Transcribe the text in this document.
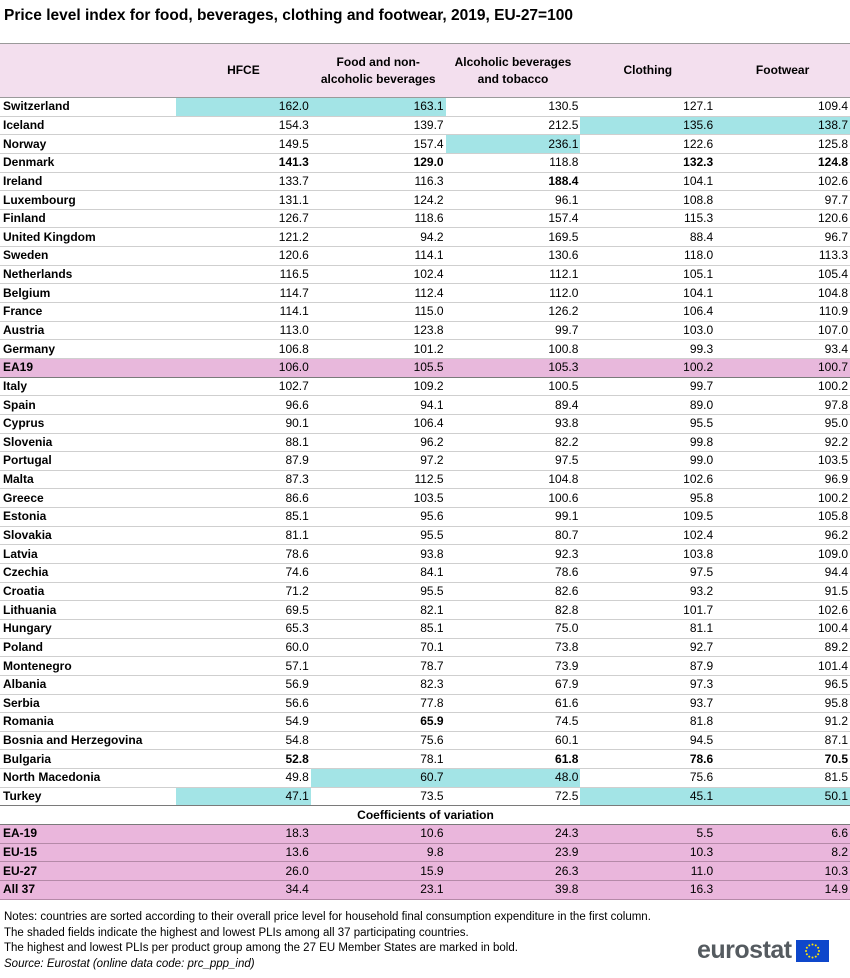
Price level index for food, beverages, clothing and footwear, 2019, EU-27=100
	HFCE	Food and non-alcoholic beverages	Alcoholic beverages and tobacco	Clothing	Footwear
Switzerland	162.0	163.1	130.5	127.1	109.4
Iceland	154.3	139.7	212.5	135.6	138.7
Norway	149.5	157.4	236.1	122.6	125.8
Denmark	141.3	129.0	118.8	132.3	124.8
Ireland	133.7	116.3	188.4	104.1	102.6
Luxembourg	131.1	124.2	96.1	108.8	97.7
Finland	126.7	118.6	157.4	115.3	120.6
United Kingdom	121.2	94.2	169.5	88.4	96.7
Sweden	120.6	114.1	130.6	118.0	113.3
Netherlands	116.5	102.4	112.1	105.1	105.4
Belgium	114.7	112.4	112.0	104.1	104.8
France	114.1	115.0	126.2	106.4	110.9
Austria	113.0	123.8	99.7	103.0	107.0
Germany	106.8	101.2	100.8	99.3	93.4
EA19	106.0	105.5	105.3	100.2	100.7
Italy	102.7	109.2	100.5	99.7	100.2
Spain	96.6	94.1	89.4	89.0	97.8
Cyprus	90.1	106.4	93.8	95.5	95.0
Slovenia	88.1	96.2	82.2	99.8	92.2
Portugal	87.9	97.2	97.5	99.0	103.5
Malta	87.3	112.5	104.8	102.6	96.9
Greece	86.6	103.5	100.6	95.8	100.2
Estonia	85.1	95.6	99.1	109.5	105.8
Slovakia	81.1	95.5	80.7	102.4	96.2
Latvia	78.6	93.8	92.3	103.8	109.0
Czechia	74.6	84.1	78.6	97.5	94.4
Croatia	71.2	95.5	82.6	93.2	91.5
Lithuania	69.5	82.1	82.8	101.7	102.6
Hungary	65.3	85.1	75.0	81.1	100.4
Poland	60.0	70.1	73.8	92.7	89.2
Montenegro	57.1	78.7	73.9	87.9	101.4
Albania	56.9	82.3	67.9	97.3	96.5
Serbia	56.6	77.8	61.6	93.7	95.8
Romania	54.9	65.9	74.5	81.8	91.2
Bosnia and Herzegovina	54.8	75.6	60.1	94.5	87.1
Bulgaria	52.8	78.1	61.8	78.6	70.5
North Macedonia	49.8	60.7	48.0	75.6	81.5
Turkey	47.1	73.5	72.5	45.1	50.1
Coefficients of variation					
EA-19	18.3	10.6	24.3	5.5	6.6
EU-15	13.6	9.8	23.9	10.3	8.2
EU-27	26.0	15.9	26.3	11.0	10.3
All 37	34.4	23.1	39.8	16.3	14.9
Notes: countries are sorted according to their overall price level for household final consumption expenditure in the first column.
The shaded fields indicate the highest and lowest PLIs among all 37 participating countries.
The highest and lowest PLIs per product group among the 27 EU Member States are marked in bold.
Source: Eurostat (online data code: prc_ppp_ind)	eurostat
